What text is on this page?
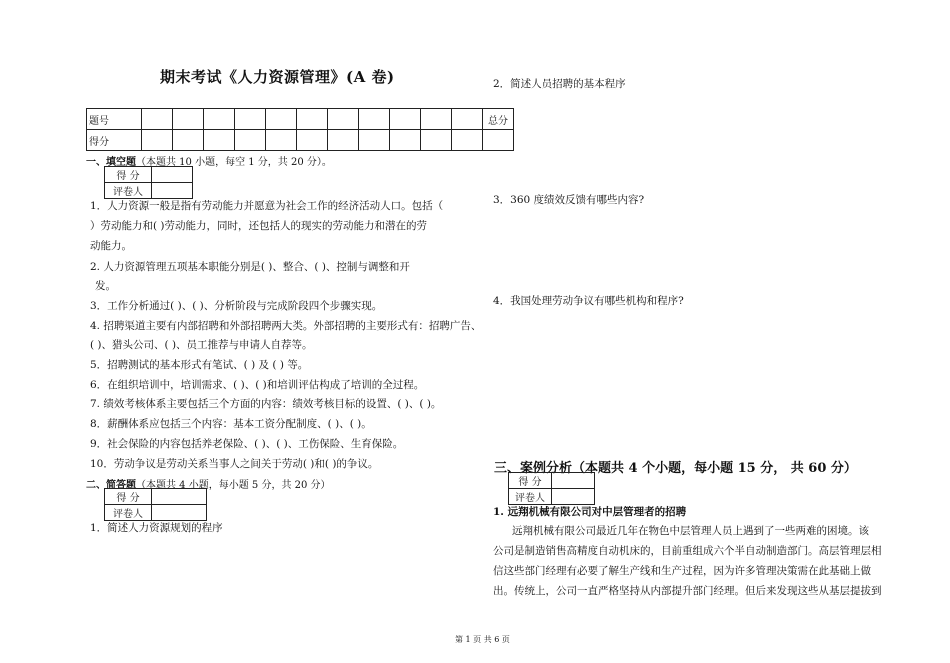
期末考试《人力资源管理》(A 卷)
题号												总分
得分												
一、填空题（本题共 10 小题，每空 1 分，共 20 分）。
得 分	
评卷人	
1．人力资源一般是指有劳动能力并愿意为社会工作的经济活动人口。包括（
）劳动能力和( )劳动能力，同时，还包括人的现实的劳动能力和潜在的劳
动能力。
2. 人力资源管理五项基本职能分别是( )、整合、( )、控制与调整和开
发。
3．工作分析通过( )、( )、分析阶段与完成阶段四个步骤实现。
4. 招聘渠道主要有内部招聘和外部招聘两大类。外部招聘的主要形式有：招聘广告、
( )、猎头公司、( )、员工推荐与申请人自荐等。
5．招聘测试的基本形式有笔试、( ) 及 ( ) 等。
6．在组织培训中，培训需求、( )、( )和培训评估构成了培训的全过程。
7. 绩效考核体系主要包括三个方面的内容：绩效考核目标的设置、( )、( )。
8．薪酬体系应包括三个内容：基本工资分配制度、( )、( )。
9．社会保险的内容包括养老保险、( )、( )、工伤保险、生育保险。
10．劳动争议是劳动关系当事人之间关于劳动( )和( )的争议。
二、简答题（本题共 4 小题，每小题 5 分，共 20 分）
得 分	
评卷人	
1．简述人力资源规划的程序
2．简述人员招聘的基本程序
3．360 度绩效反馈有哪些内容?
4．我国处理劳动争议有哪些机构和程序?
三、案例分析（本题共 4 个小题，每小题 15 分， 共 60 分）
得 分	
评卷人	
1. 远翔机械有限公司对中层管理者的招聘
远翔机械有限公司最近几年在物色中层管理人员上遇到了一些两难的困境。该
公司是制造销售高精度自动机床的，目前重组成六个半自动制造部门。高层管理层相
信这些部门经理有必要了解生产线和生产过程，因为许多管理决策需在此基础上做
出。传统上，公司一直严格坚持从内部提升部门经理。但后来发现这些从基层提拔到
第 1 页 共 6 页
